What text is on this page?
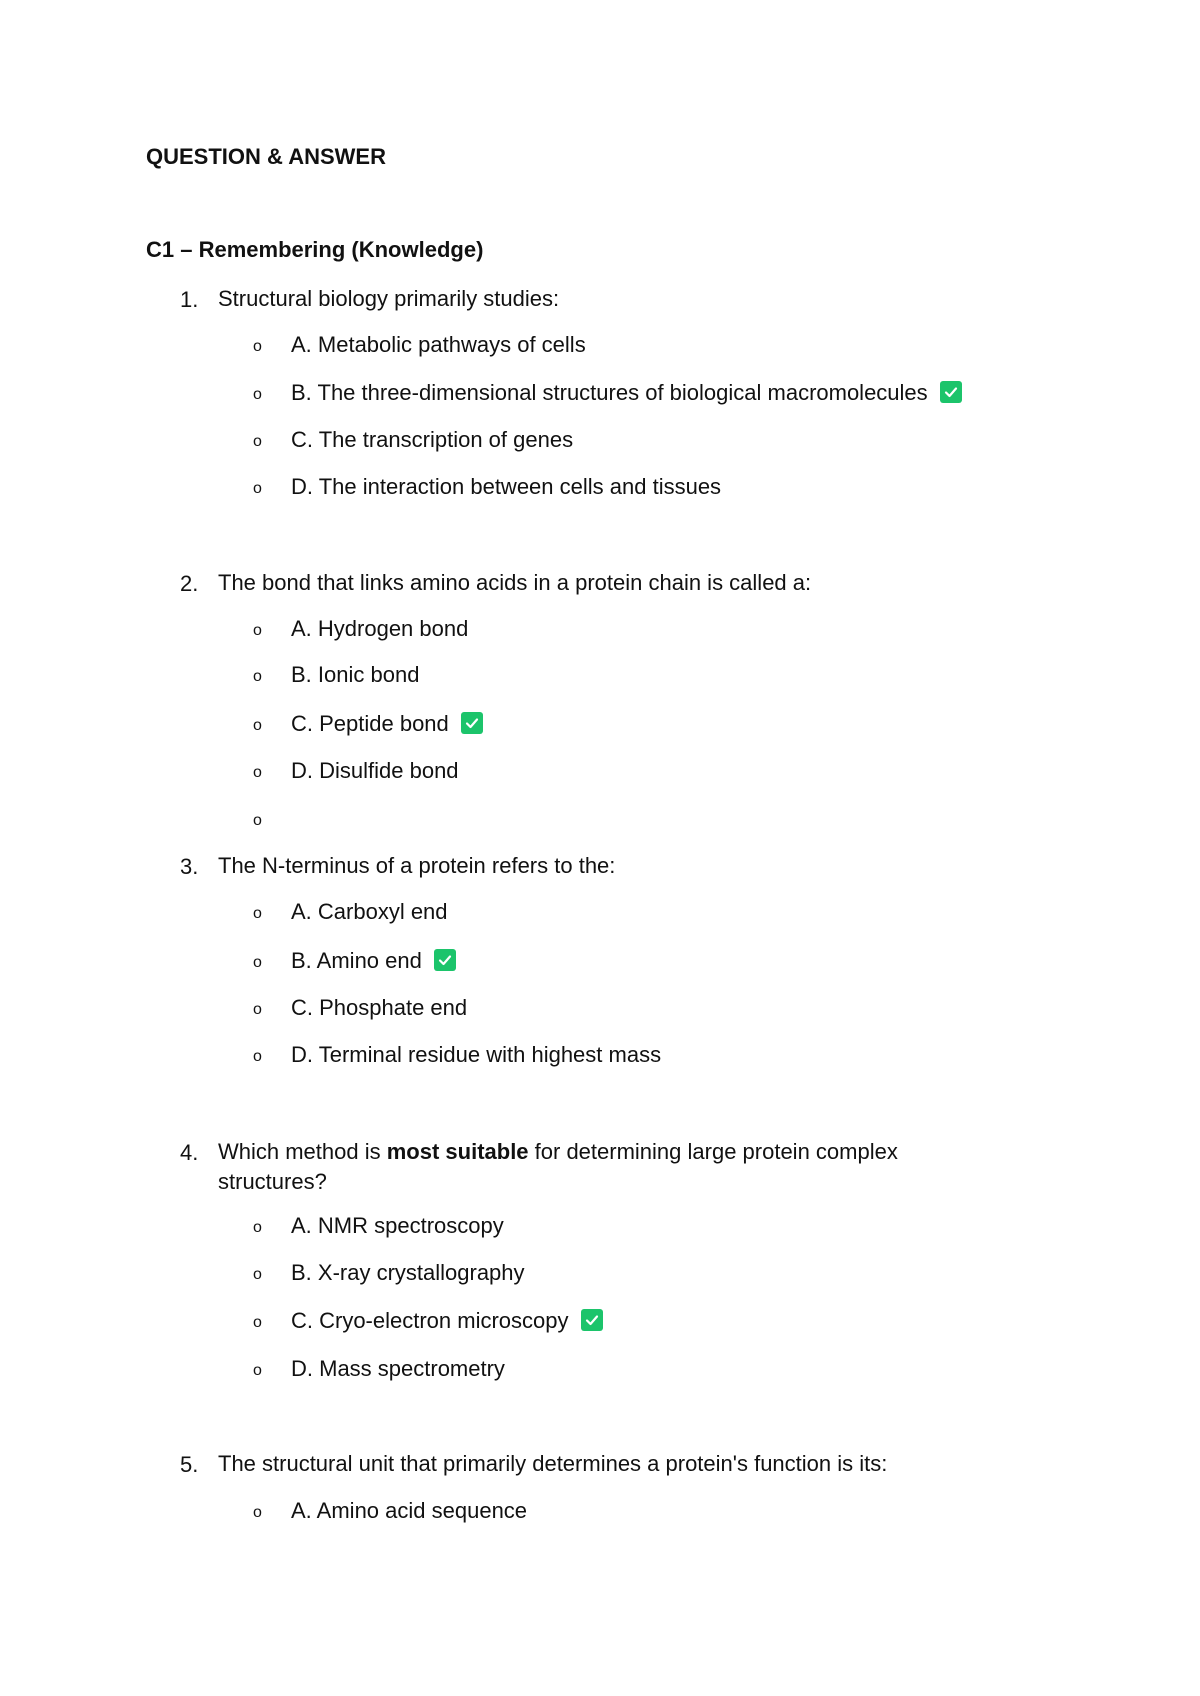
QUESTION & ANSWER
C1 – Remembering (Knowledge)
1. Structural biology primarily studies:
o A. Metabolic pathways of cells
o B. The three-dimensional structures of biological macromolecules
o C. The transcription of genes
o D. The interaction between cells and tissues
2. The bond that links amino acids in a protein chain is called a:
o A. Hydrogen bond
o B. Ionic bond
o C. Peptide bond
o D. Disulfide bond
o
3. The N-terminus of a protein refers to the:
o A. Carboxyl end
o B. Amino end
o C. Phosphate end
o D. Terminal residue with highest mass
4. Which method is most suitable for determining large protein complex structures?
o A. NMR spectroscopy
o B. X-ray crystallography
o C. Cryo-electron microscopy
o D. Mass spectrometry
5. The structural unit that primarily determines a protein's function is its:
o A. Amino acid sequence
